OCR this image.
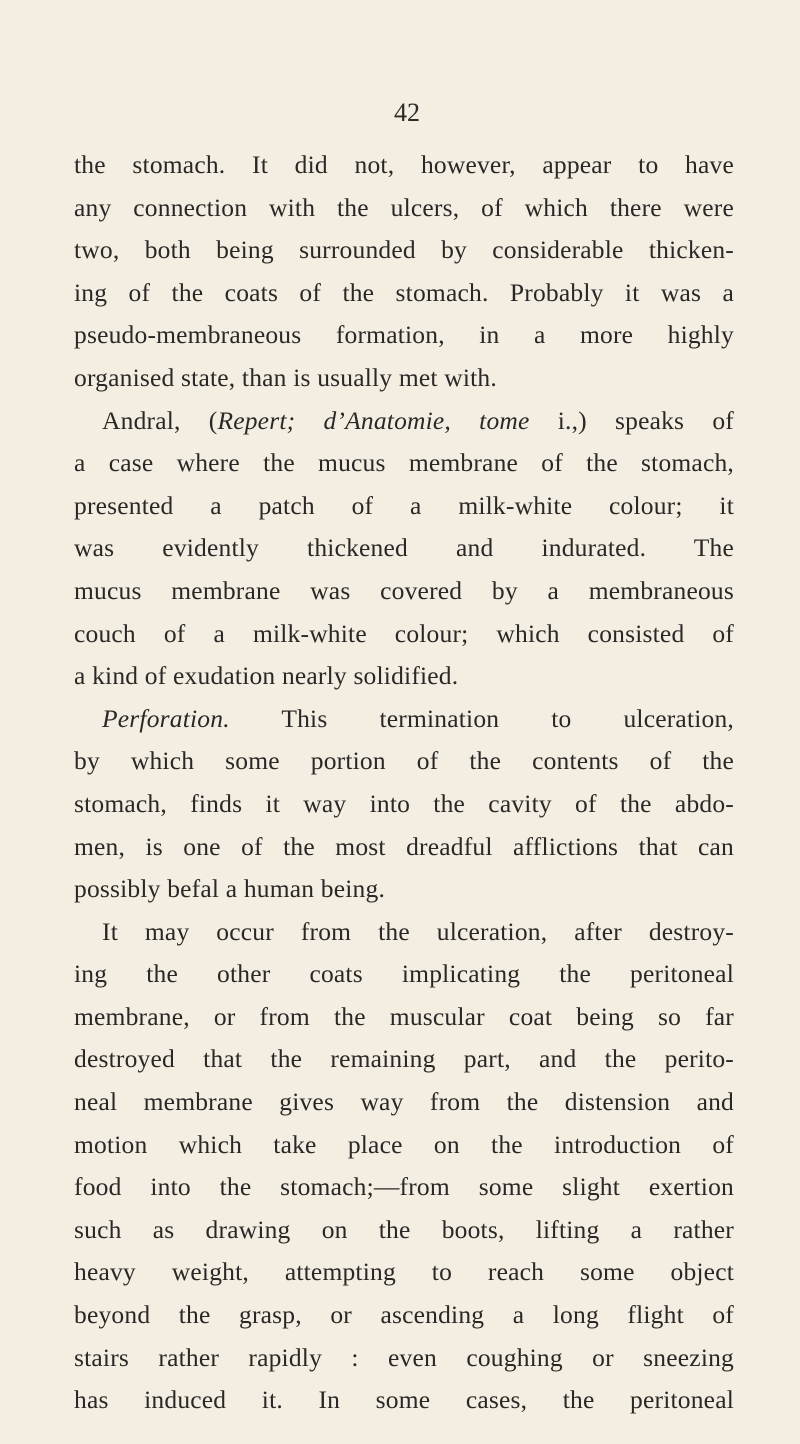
42
the stomach. It did not, however, appear to have
any connection with the ulcers, of which there were
two, both being surrounded by considerable thicken-
ing of the coats of the stomach. Probably it was a
pseudo-membraneous formation, in a more highly
organised state, than is usually met with.
Andral, (Repert; d’Anatomie, tome i.,) speaks of
a case where the mucus membrane of the stomach,
presented a patch of a milk-white colour; it
was evidently thickened and indurated. The
mucus membrane was covered by a membraneous
couch of a milk-white colour; which consisted of
a kind of exudation nearly solidified.
Perforation. This termination to ulceration,
by which some portion of the contents of the
stomach, finds it way into the cavity of the abdo-
men, is one of the most dreadful afflictions that can
possibly befal a human being.
It may occur from the ulceration, after destroy-
ing the other coats implicating the peritoneal
membrane, or from the muscular coat being so far
destroyed that the remaining part, and the perito-
neal membrane gives way from the distension and
motion which take place on the introduction of
food into the stomach;—from some slight exertion
such as drawing on the boots, lifting a rather
heavy weight, attempting to reach some object
beyond the grasp, or ascending a long flight of
stairs rather rapidly : even coughing or sneezing
has induced it. In some cases, the peritoneal
